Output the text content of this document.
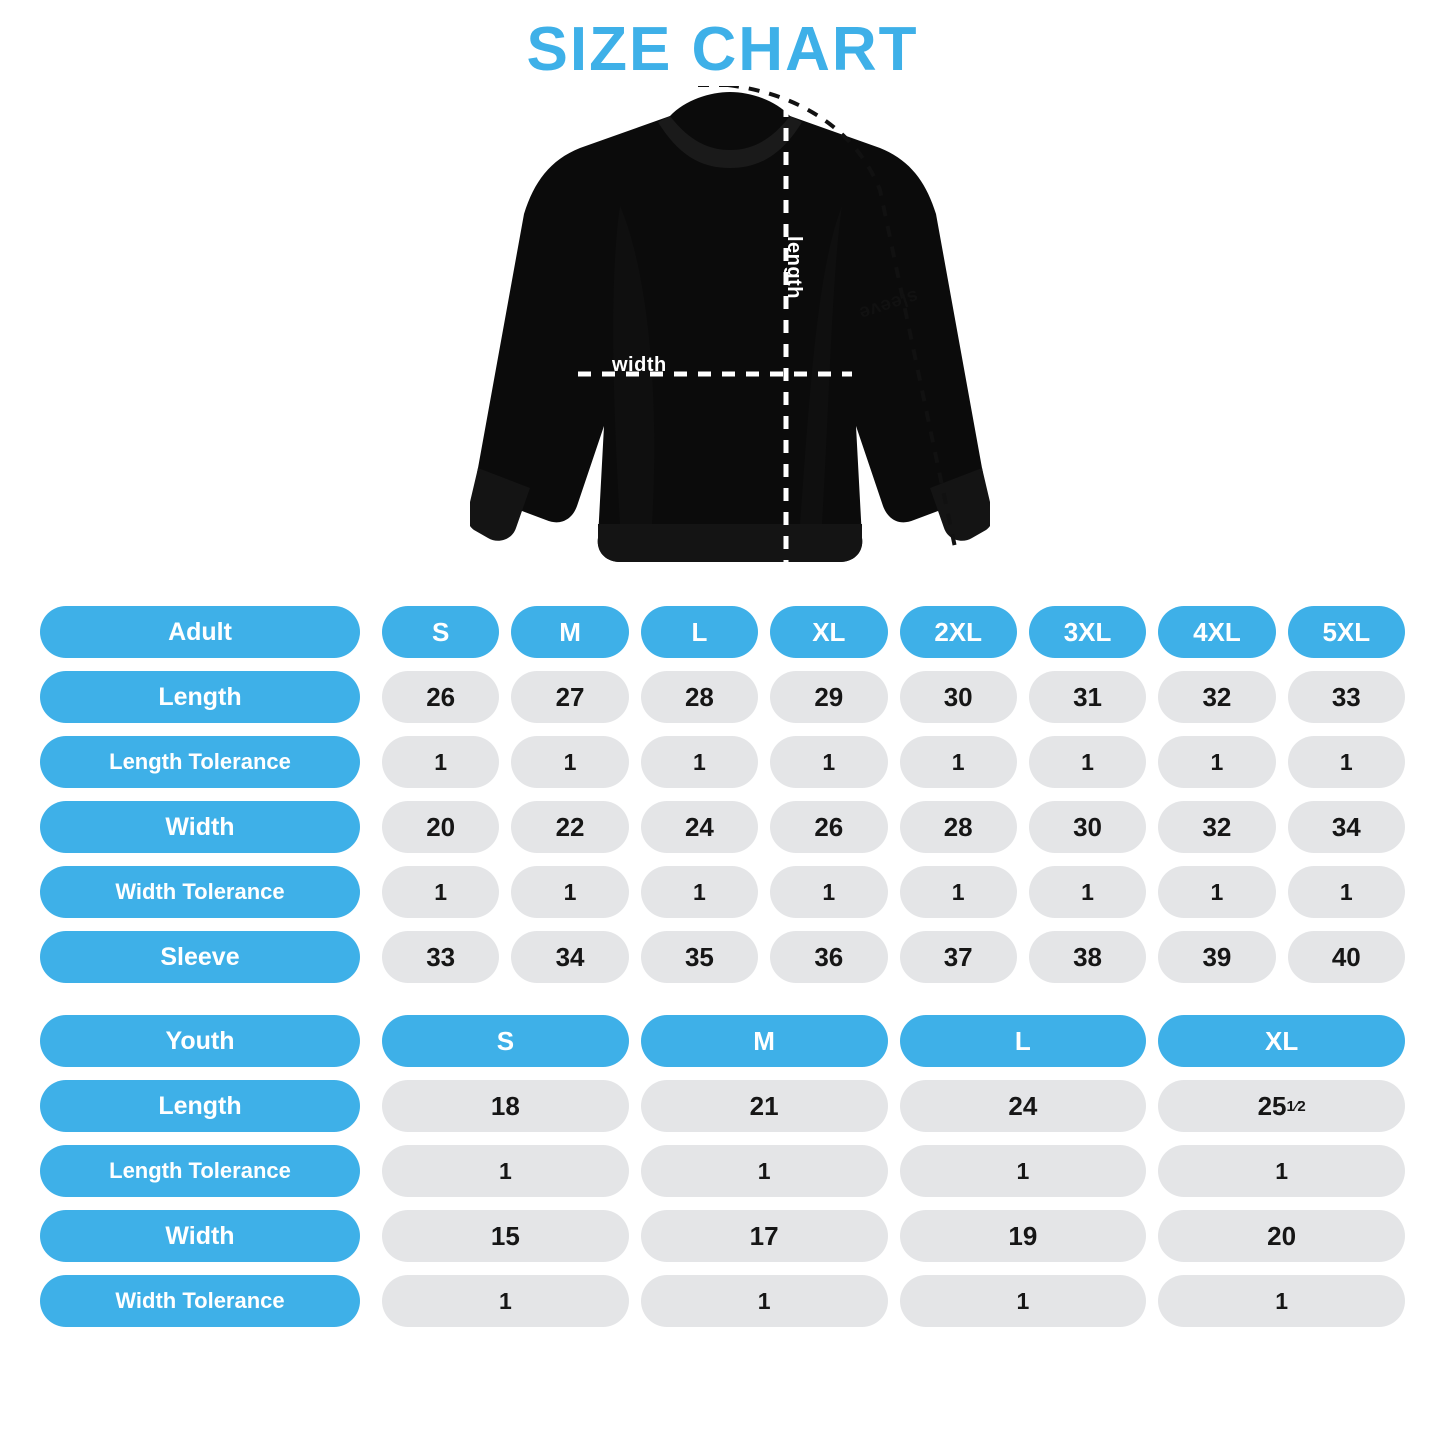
SIZE CHART
width
length
sleeve
Adult	S	M	L	XL	2XL	3XL	4XL	5XL
Length	26	27	28	29	30	31	32	33
Length Tolerance	1	1	1	1	1	1	1	1
Width	20	22	24	26	28	30	32	34
Width Tolerance	1	1	1	1	1	1	1	1
Sleeve	33	34	35	36	37	38	39	40
Youth	S	M	L	XL
Length	18	21	24	25 1⁄2
Length Tolerance	1	1	1	1
Width	15	17	19	20
Width Tolerance	1	1	1	1
